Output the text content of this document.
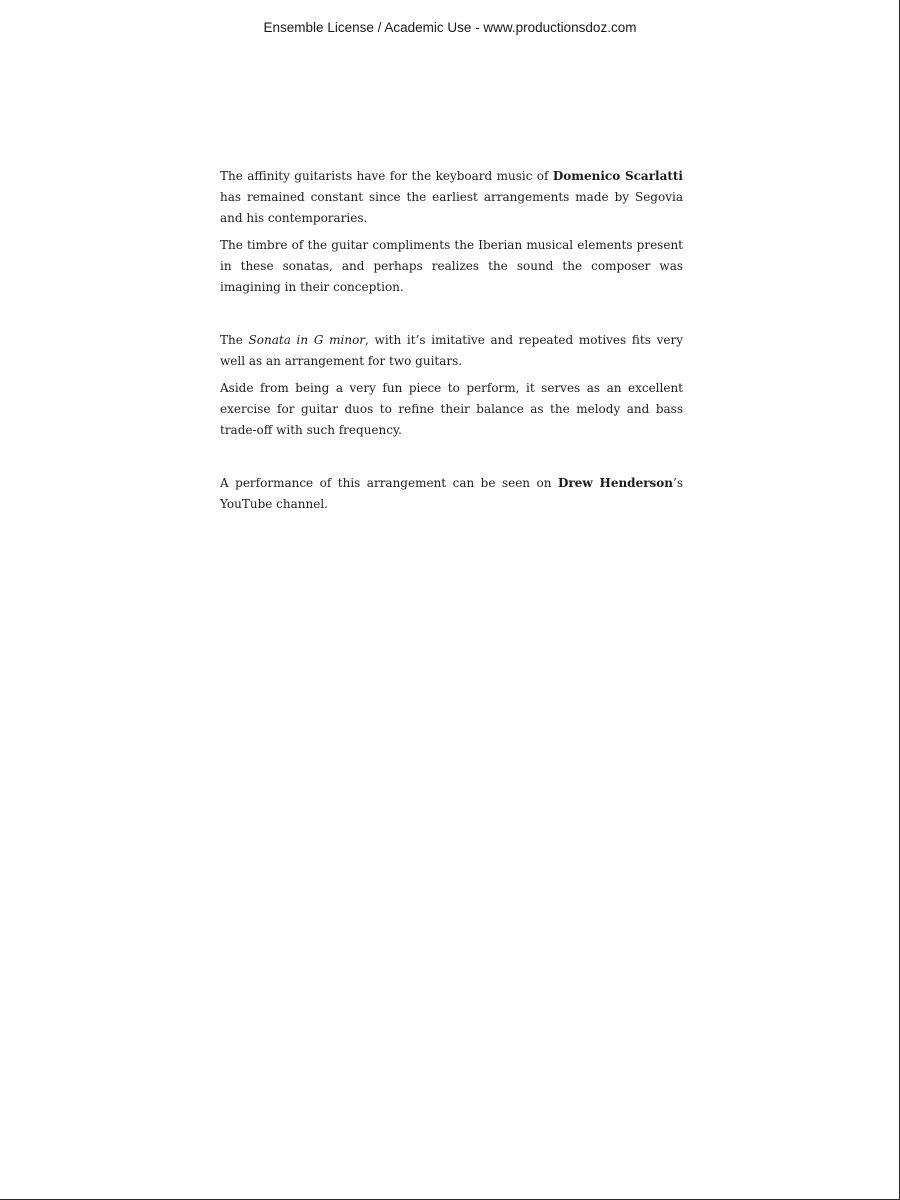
Ensemble License / Academic Use - www.productionsdoz.com

The affinity guitarists have for the keyboard music of Domenico Scarlatti has remained constant since the earliest arrangements made by Segovia and his contemporaries.

The timbre of the guitar compliments the Iberian musical elements present in these sonatas, and perhaps realizes the sound the composer was imagining in their conception.

The Sonata in G minor, with it’s imitative and repeated motives fits very well as an arrangement for two guitars.

Aside from being a very fun piece to perform, it serves as an excellent exercise for guitar duos to refine their balance as the melody and bass trade-off with such frequency.

A performance of this arrangement can be seen on Drew Henderson’s YouTube channel.
